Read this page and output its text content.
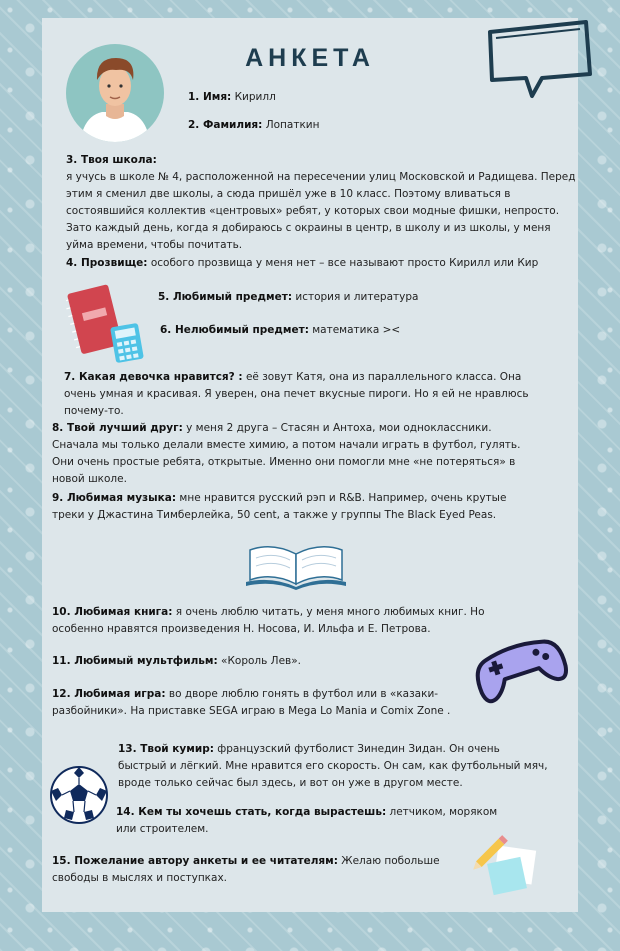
АНКЕТА
1. Имя: Кирилл
2. Фамилия: Лопаткин
3. Твоя школа:
я учусь в школе № 4, расположенной на пересечении улиц Московской и Радищева. Перед этим я сменил две школы, а сюда пришёл уже в 10 класс. Поэтому вливаться в состоявшийся коллектив «центровых» ребят, у которых свои модные фишки, непросто. Зато каждый день, когда я добираюсь с окраины в центр, в школу и из школы, у меня уйма времени, чтобы почитать.
4. Прозвище: особого прозвища у меня нет – все называют просто Кирилл или Кир
5. Любимый предмет: история и литература
6. Нелюбимый предмет: математика ><
7. Какая девочка нравится? : её зовут Катя, она из параллельного класса. Она очень умная и красивая. Я уверен, она печет вкусные пироги. Но я ей не нравлюсь почему-то.
8. Твой лучший друг: у меня 2 друга – Стасян и Антоха, мои одноклассники. Сначала мы только делали вместе химию, а потом начали играть в футбол, гулять. Они очень простые ребята, открытые. Именно они помогли мне «не потеряться» в новой школе.
9. Любимая музыка: мне нравится русский рэп и R&B. Например, очень крутые треки у Джастина Тимберлейка, 50 cent, а также у группы The Black Eyed Peas.
10. Любимая книга: я очень люблю читать, у меня много любимых книг. Но особенно нравятся произведения Н. Носова, И. Ильфа и Е. Петрова.
11. Любимый мультфильм: «Король Лев».
12. Любимая игра: во дворе люблю гонять в футбол или в «казаки-разбойники». На приставке SEGA играю в Mega Lo Mania и Comix Zone .
13. Твой кумир: французский футболист Зинедин Зидан. Он очень быстрый и лёгкий. Мне нравится его скорость. Он сам, как футбольный мяч, вроде только сейчас был здесь, и вот он уже в другом месте.
14. Кем ты хочешь стать, когда вырастешь: летчиком, моряком или строителем.
15. Пожелание автору анкеты и ее читателям: Желаю побольше свободы в мыслях и поступках.
